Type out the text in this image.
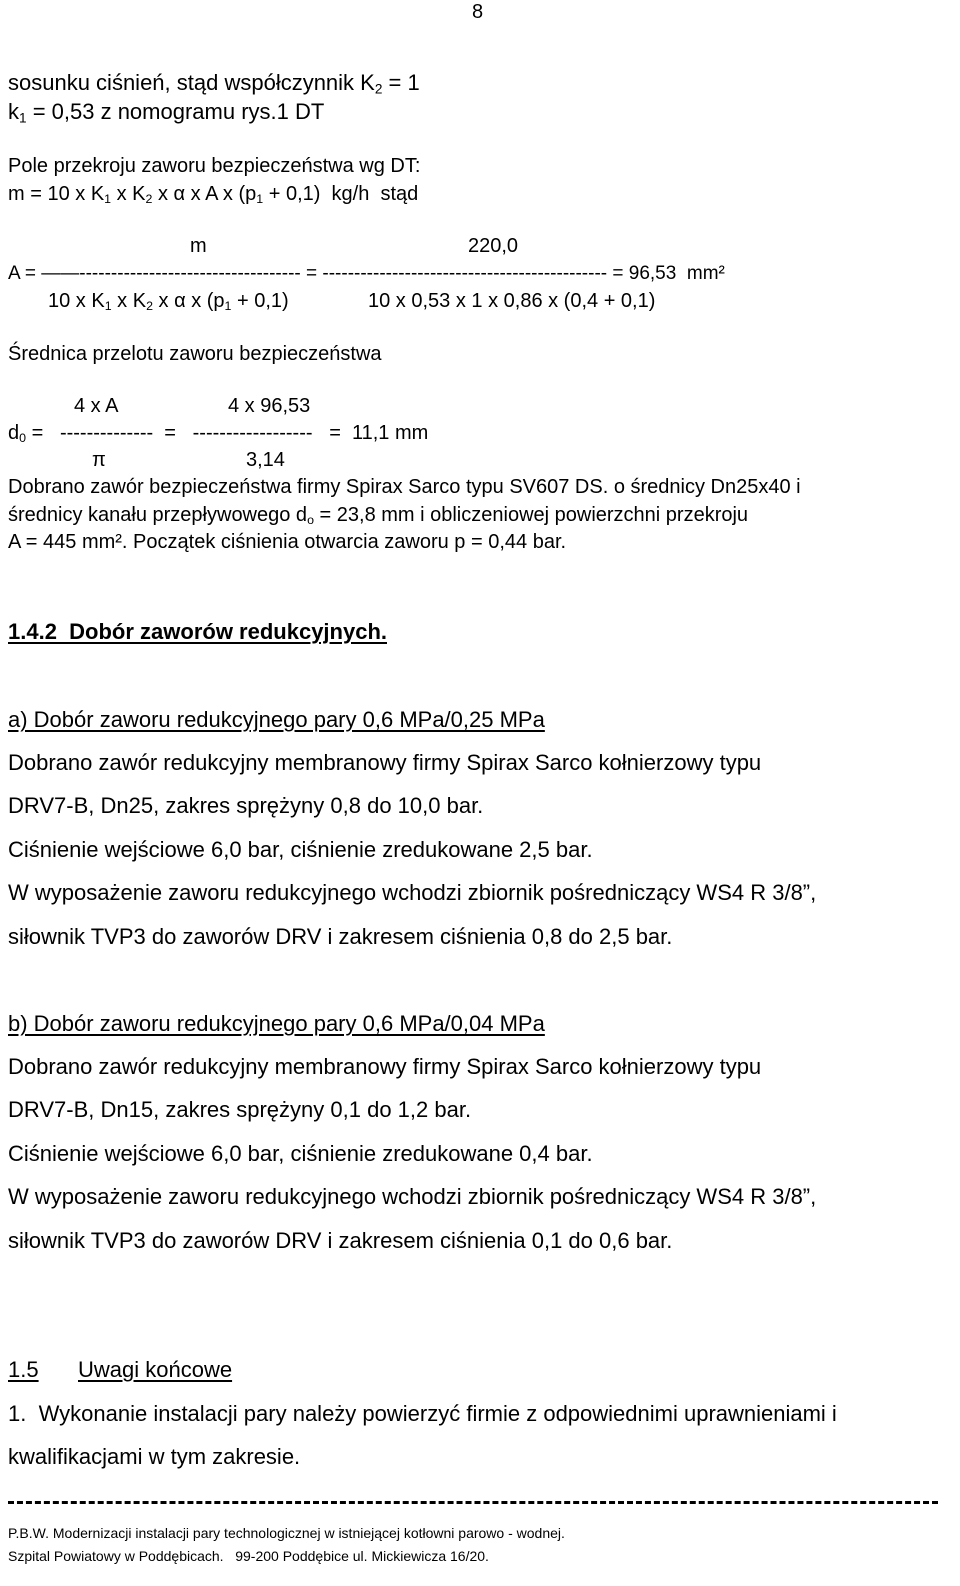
8
sosunku ciśnień, stąd współczynnik $K_2 = 1$
$k_1 = 0,53$ z nomogramu rys.1 DT
Pole przekroju zaworu bezpieczeństwa wg DT:
m = 10 x $K_1$ x $K_2$ x α x A x $(p_1 + 0,1)$  kg/h  stąd
m	220,0
A = ——----------------------------------- = --------------------------------------------- = 96,53  mm²
10 x $K_1$ x $K_2$ x α x $(p_1 + 0,1)$	10 x 0,53 x 1 x 0,86 x (0,4 + 0,1)
Średnica przelotu zaworu bezpieczeństwa
4 x A	4 x 96,53
$d_0$ =   --------------  =   ------------------   =  11,1 mm
π	3,14
Dobrano zawór bezpieczeństwa firmy Spirax Sarco typu SV607 DS. o średnicy Dn25x40 i
średnicy kanału przepływowego $d_o = 23,8$ mm i obliczeniowej powierzchni przekroju
A = 445 mm². Początek ciśnienia otwarcia zaworu p = 0,44 bar.
1.4.2  Dobór zaworów redukcyjnych.
a) Dobór zaworu redukcyjnego pary 0,6 MPa/0,25 MPa
Dobrano zawór redukcyjny membranowy firmy Spirax Sarco kołnierzowy typu
DRV7-B, Dn25, zakres sprężyny 0,8 do 10,0 bar.
Ciśnienie wejściowe 6,0 bar, ciśnienie zredukowane 2,5 bar.
W wyposażenie zaworu redukcyjnego wchodzi zbiornik pośredniczący WS4 R 3/8”,
siłownik TVP3 do zaworów DRV i zakresem ciśnienia 0,8 do 2,5 bar.
b) Dobór zaworu redukcyjnego pary 0,6 MPa/0,04 MPa
Dobrano zawór redukcyjny membranowy firmy Spirax Sarco kołnierzowy typu
DRV7-B, Dn15, zakres sprężyny 0,1 do 1,2 bar.
Ciśnienie wejściowe 6,0 bar, ciśnienie zredukowane 0,4 bar.
W wyposażenie zaworu redukcyjnego wchodzi zbiornik pośredniczący WS4 R 3/8”,
siłownik TVP3 do zaworów DRV i zakresem ciśnienia 0,1 do 0,6 bar.
1.5 Uwagi końcowe
1.  Wykonanie instalacji pary należy powierzyć firmie z odpowiednimi uprawnieniami i
kwalifikacjami w tym zakresie.
P.B.W. Modernizacji instalacji pary technologicznej w istniejącej kotłowni parowo - wodnej.
Szpital Powiatowy w Poddębicach.   99-200 Poddębice ul. Mickiewicza 16/20.
